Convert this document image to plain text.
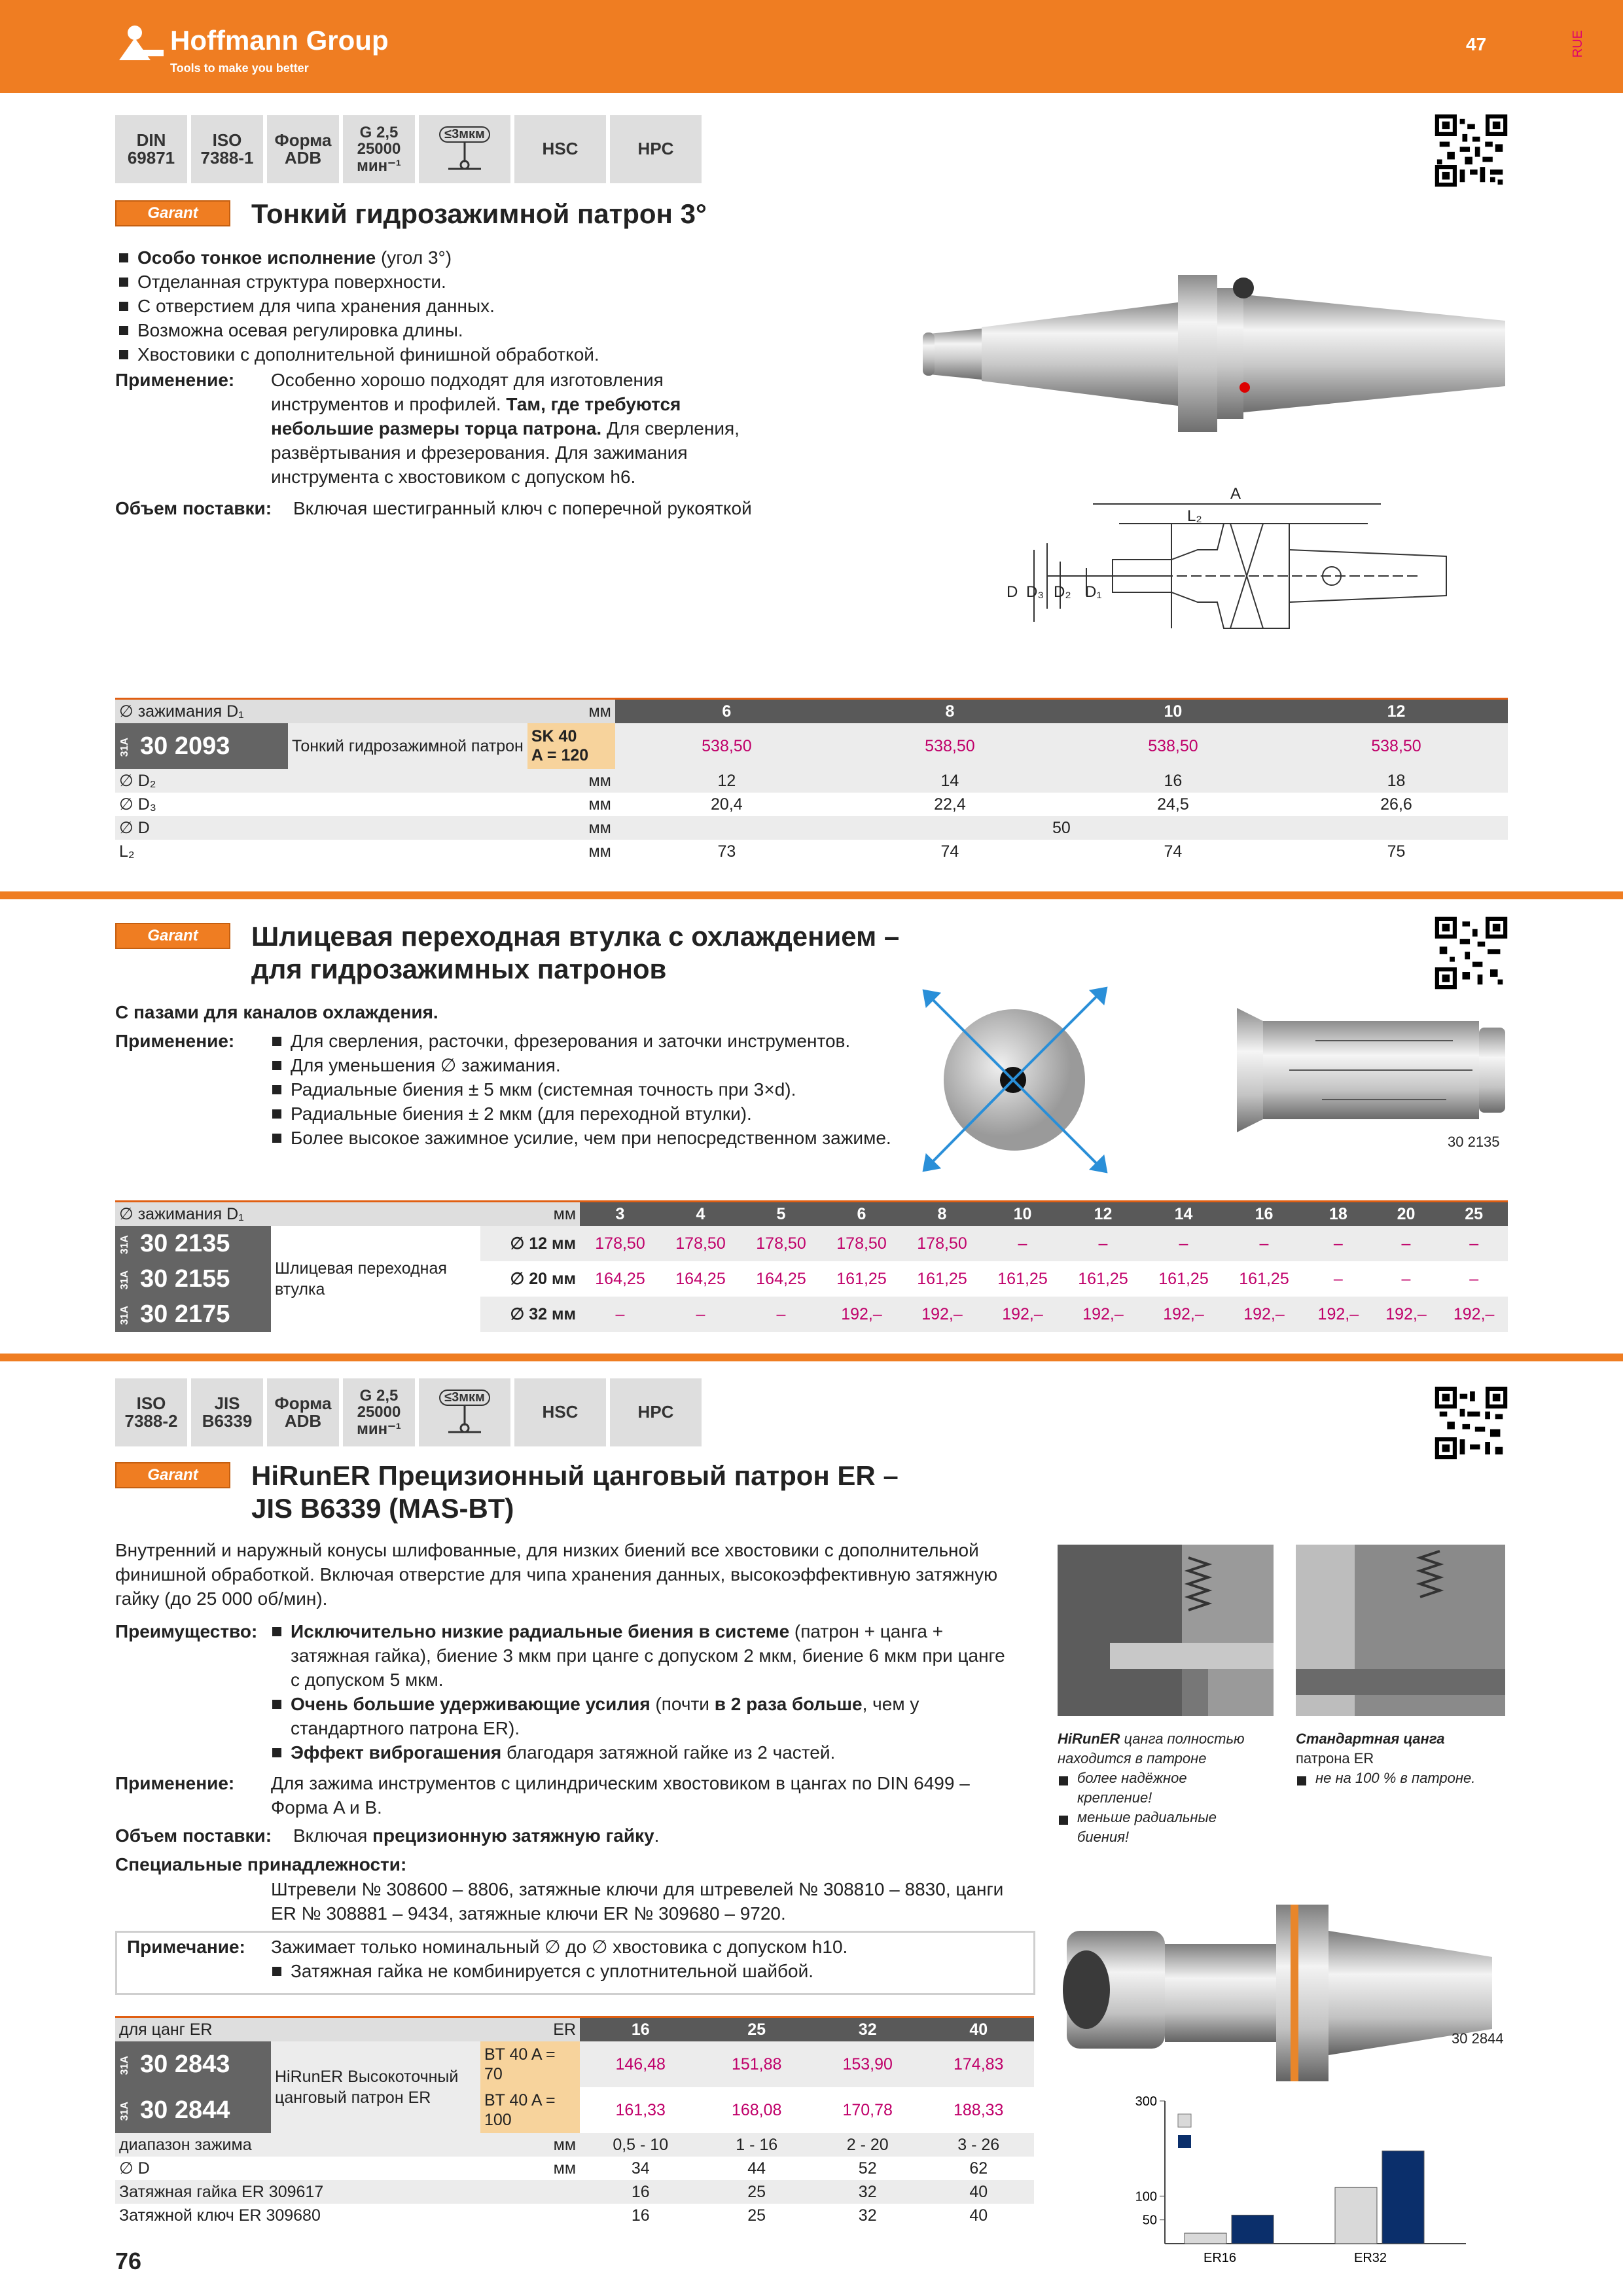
Hoffmann Group
Tools to make you better
47	RUE
DIN
69871
ISO
7388-1
Форма
ADB
G 2,5
25000
мин⁻¹
≤3мкм
HSC	HPC
Garant Тонкий гидрозажимной патрон 3°
Особо тонкое исполнение (угол 3°)
Отделанная структура поверхности.
С отверстием для чипа хранения данных.
Возможна осевая регулировка длины.
Хвостовики с дополнительной финишной обработкой.
Применение: Особенно хорошо подходят для изготовления
инструментов и профилей. Там, где требуются
небольшие размеры торца патрона. Для сверления,
развёртывания и фрезерования. Для зажимания
инструмента с хвостовиком с допуском h6.
Объем поставки: Включая шестигранный ключ с поперечной рукояткой
A
L₂
D D₃ D₂ D₁
∅ зажимания D₁		мм	6	8	10	12
31A 30 2093	Тонкий гидрозажимной патрон	SK 40
A = 120	538,50	538,50	538,50	538,50
∅ D₂		мм	12	14	16	18
∅ D₃		мм	20,4	22,4	24,5	26,6
∅ D		мм	50			
L₂		мм	73	74	74	75
Garant Шлицевая переходная втулка с охлаждением –
для гидрозажимных патронов
С пазами для каналов охлаждения.
Применение:	Для сверления, расточки, фрезерования и заточки инструментов.
Для уменьшения ∅ зажимания.
Радиальные биения ± 5 мкм (системная точность при 3×d).
Радиальные биения ± 2 мкм (для переходной втулки).
Более высокое зажимное усилие, чем при непосредственном зажиме.	30 2135
∅ зажимания D₁		мм	3	4	5	6	8	10	12	14	16	18	20	25
31A 30 2135	Шлицевая переходная втулка	∅ 12 мм	178,50	178,50	178,50	178,50	178,50	–	–	–	–	–	–	–
31A 30 2155		∅ 20 мм	164,25	164,25	164,25	161,25	161,25	161,25	161,25	161,25	161,25	–	–	–
31A 30 2175		∅ 32 мм	–	–	–	192,–	192,–	192,–	192,–	192,–	192,–	192,–	192,–	192,–
ISO
7388-2
JIS
B6339
Форма
ADB
G 2,5
25000
мин⁻¹
≤3мкм
HSC	HPC
Garant HiRunER Прецизионный цанговый патрон ER –
JIS B6339 (MAS-BT)
Внутренний и наружный конусы шлифованные, для низких биений все хвостовики с дополнительной
финишной обработкой. Включая отверстие для чипа хранения данных, высокоэффективную затяжную
гайку (до 25 000 об/мин).
Преимущество:	Исключительно низкие радиальные биения в системе (патрон + цанга +
затяжная гайка), биение 3 мкм при цанге с допуском 2 мкм, биение 6 мкм при цанге
с допуском 5 мкм.
Очень большие удерживающие усилия (почти в 2 раза больше, чем у
стандартного патрона ER).
Эффект виброгашения благодаря затяжной гайке из 2 частей.
Применение: Для зажима инструментов с цилиндрическим хвостовиком в цангах по DIN 6499 –
Форма A и B.
Объем поставки: Включая прецизионную затяжную гайку.
Специальные принадлежности:
Штревели № 308600 – 8806, затяжные ключи для штревелей № 308810 – 8830, цанги
ER № 308881 – 9434, затяжные ключи ER № 309680 – 9720.
Примечание: Зажимает только номинальный ∅ до ∅ хвостовика с допуском h10.
Затяжная гайка не комбинируется с уплотнительной шайбой.
HiRunER цанга полностью
находится в патроне
более надёжное
крепление!
меньше радиальные
биения!
Стандартная цанга
патрона ER
не на 100 % в патроне.
30 2844
300
100
50
ER16	ER32
для цанг ER		ER	16	25	32	40
31A 30 2843	HiRunER Высокоточный цанговый патрон ER	BT 40 A =
70	146,48	151,88	153,90	174,83
31A 30 2844		BT 40 A =
100	161,33	168,08	170,78	188,33
диапазон зажима		мм	0,5 - 10	1 - 16	2 - 20	3 - 26
∅ D		мм	34	44	52	62
Затяжная гайка ER 309617			16	25	32	40
Затяжной ключ ER 309680			16	25	32	40
76
